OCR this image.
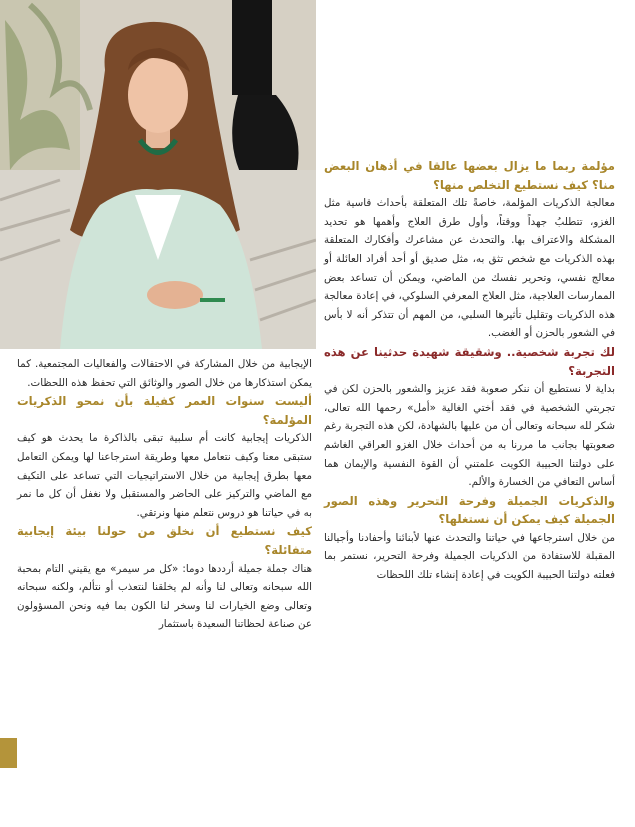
مؤلمة ربما ما يزال بعضها عالقا في أذهان البعض منا؟ كيف نستطيع التخلص منها؟

معالجة الذكريات المؤلمة، خاصةً تلك المتعلقة بأحداث قاسية مثل الغزو، تتطلبُ جهداً ووقتاً، وأول طرق العلاج وأهمها هو تحديد المشكلة والاعتراف بها. والتحدث عن مشاعرك وأفكارك المتعلقة بهذه الذكريات مع شخص تثق به، مثل صديق أو أحد أفراد العائلة أو معالج نفسي، وتحرير نفسك من الماضي، ويمكن أن تساعد بعض الممارسات العلاجية، مثل العلاج المعرفي السلوكي، في إعادة معالجة هذه الذكريات وتقليل تأثيرها السلبي، من المهم أن تتذكر أنه لا بأس في الشعور بالحزن أو الغضب.

لك تجربة شخصية.. وشقيقة شهيدة حدثينا عن هذه التجربة؟

بداية لا نستطيع أن ننكر صعوبة فقد عزيز والشعور بالحزن لكن في تجربتي الشخصية في فقد أختي الغالية «أمل» رحمها الله تعالى، شكر لله سبحانه وتعالى أن من عليها بالشهادة، لكن هذه التجربة رغم صعوبتها بجانب ما مررنا به من أحداث خلال الغزو العراقي الغاشم على دولتنا الحبيبة الكويت علمتني أن القوة النفسية والإيمان هما أساس التعافي من الخسارة والألم.

والذكريات الجميلة وفرحة التحرير وهذه الصور الجميلة كيف يمكن أن نستغلها؟

من خلال استرجاعها في حياتنا والتحدث عنها لأبنائنا وأحفادنا وأجيالنا المقبلة للاستفادة من الذكريات الجميلة وفرحة التحرير، نستمر بما فعلته دولتنا الحبيبة الكويت في إعادة إنشاء تلك اللحظات

الإيجابية من خلال المشاركة في الاحتفالات والفعاليات المجتمعية. كما يمكن استذكارها من خلال الصور والوثائق التي تحفظ هذه اللحظات.

أليست سنوات العمر كفيلة بأن نمحو الذكريات المؤلمة؟

الذكريات إيجابية كانت أم سلبية تبقى بالذاكرة ما يحدث هو كيف ستبقى معنا وكيف نتعامل معها وطريقة استرجاعنا لها ويمكن التعامل معها بطرق إيجابية من خلال الاستراتيجيات التي تساعد على التكيف مع الماضي والتركيز على الحاضر والمستقبل ولا نغفل أن كل ما نمر به في حياتنا هو دروس نتعلم منها ونرتقي.

كيف نستطيع أن نخلق من حولنا بيئة إيجابية متفائلة؟

هناك جملة جميلة أرددها دوما: «كل مر سيمر» مع يقيني التام بمحبة الله سبحانه وتعالى لنا وأنه لم يخلقنا لنتعذب أو نتألم، ولكنه سبحانه وتعالى وضع الخيارات لنا وسخر لنا الكون بما فيه ونحن المسؤولون عن صناعة لحظاتنا السعيدة باستثمار
